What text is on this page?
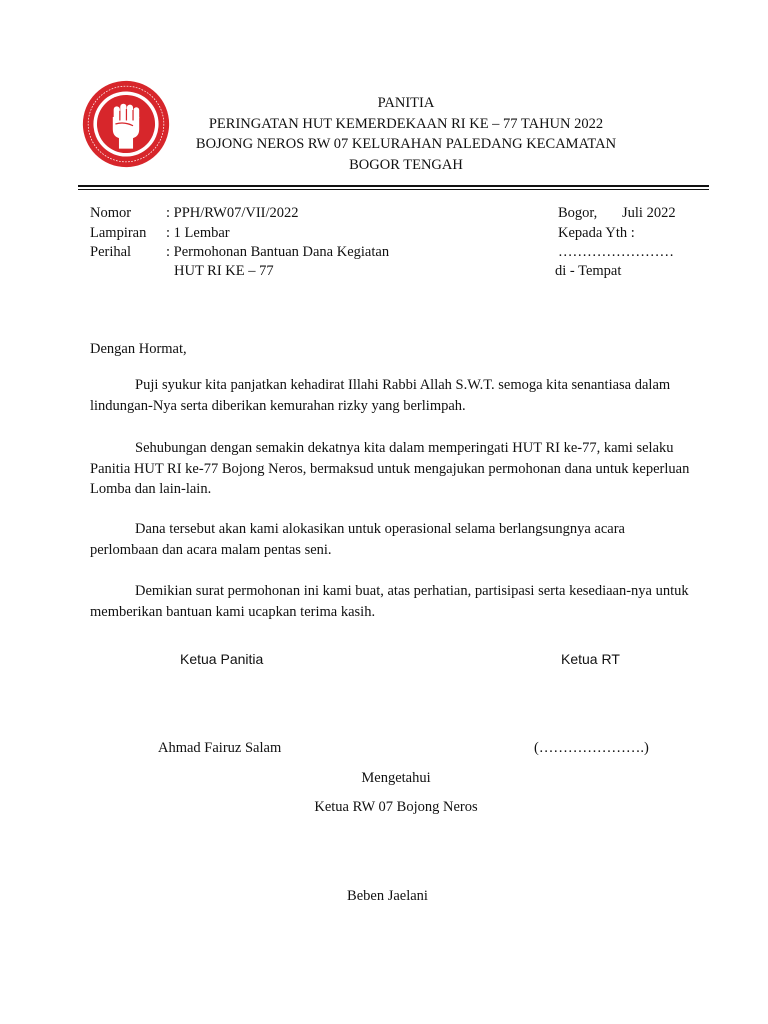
PANITIA
PERINGATAN HUT KEMERDEKAAN RI KE – 77 TAHUN 2022
BOJONG NEROS RW 07 KELURAHAN PALEDANG KECAMATAN
BOGOR TENGAH
Nomor : PPH/RW07/VII/2022
Lampiran : 1 Lembar
Perihal : Permohonan Bantuan Dana Kegiatan
HUT RI KE – 77
Bogor, Juli 2022
Kepada Yth :
……………………
di - Tempat
Dengan Hormat,
Puji syukur kita panjatkan kehadirat Illahi Rabbi Allah S.W.T. semoga kita senantiasa dalam lindungan-Nya serta diberikan kemurahan rizky yang berlimpah.
Sehubungan dengan semakin dekatnya kita dalam memperingati HUT RI ke-77, kami selaku Panitia HUT RI ke-77 Bojong Neros, bermaksud untuk mengajukan permohonan dana untuk keperluan Lomba dan lain-lain.
Dana tersebut akan kami alokasikan untuk operasional selama berlangsungnya acara perlombaan dan acara malam pentas seni.
Demikian surat permohonan ini kami buat, atas perhatian, partisipasi serta kesediaan-nya untuk memberikan bantuan kami ucapkan terima kasih.
Ketua Panitia	Ketua RT
Ahmad Fairuz Salam	(………………….)
Mengetahui
Ketua RW 07 Bojong Neros
Beben Jaelani
